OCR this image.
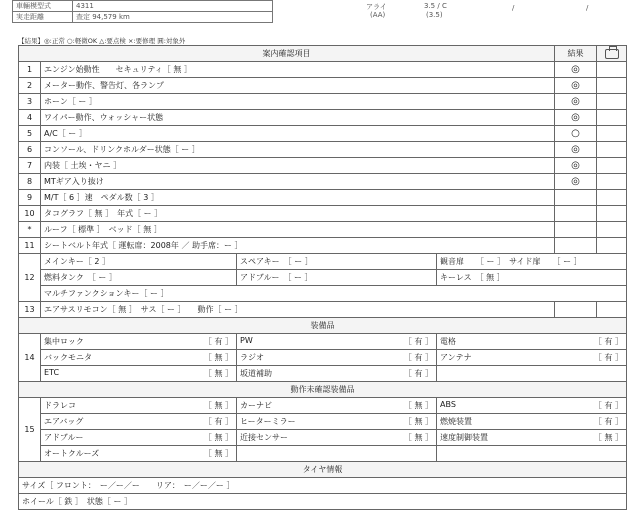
車輛模型式	4311
実走距離	查定 94,579 km
アライ	3.5 / C	/	/
(AA)	(3.5)
【結果】◎:正常 ○:軽微OK △:要点検 ×:要修理 圓:対象外
案内確認項目				結果	
1	エンジン始動性　　セキュリティ［ 無 ］			◎	
2	メーター動作、警告灯、各ランプ			◎	
3	ホーン［ ー ］			◎	
4	ワイパー動作、ウォッシャー状態			◎	
5	A/C［ ー ］			○	
6	コンソール、ドリンクホルダー状態［ ー ］			◎	
7	内装［ 土埃・ヤニ ］			◎	
8	MTギア入り抜け			◎	
9	M/T［ 6 ］速　ペダル数［ 3 ］				
10	タコグラフ［ 無 ］　年式［ ー ］				
*	ルーフ［ 標準 ］　ベッド［ 無 ］				
11	シートベルト年式［ 運転席：2008年 ／ 助手席：ー ］				
12	メインキー［ 2 ］	スペアキー　［ ー ］	観音扉　　［ ー ］　 サイド扉　　［ ー ］		
	燃料タンク　［ ー ］	アドブルー　［ ー ］	キーレス　［ 無 ］		
	マルチファンクションキー［ ー ］				
13	エアサスリモコン［ 無 ］　サス［ ー ］　　動作［ ー ］				
装備品					
14	集中ロック ［ 有 ］	PW ［ 有 ］	電格 ［ 有 ］		

	バックモニタ ［ 無 ］	ラジオ ［ 有 ］	アンテナ ［ 有 ］		

	ETC ［ 無 ］	坂道補助 ［ 有 ］			

動作未確認装備品					
15	ドラレコ ［ 無 ］	カーナビ ［ 無 ］	ABS ［ 有 ］		

	エアバッグ ［ 有 ］	ヒーターミラー ［ 無 ］	燃焼装置 ［ 有 ］		

	アドブルー ［ 無 ］	近接センサー ［ 無 ］	速度制御装置 ［ 無 ］		

	オートクルーズ ［ 無 ］				

タイヤ情報					
サイズ［ フロント：　ー／ー／ー　　リア：　ー／ー／ー ］					
ホイール［ 鉄 ］　状態［ ー ］					
